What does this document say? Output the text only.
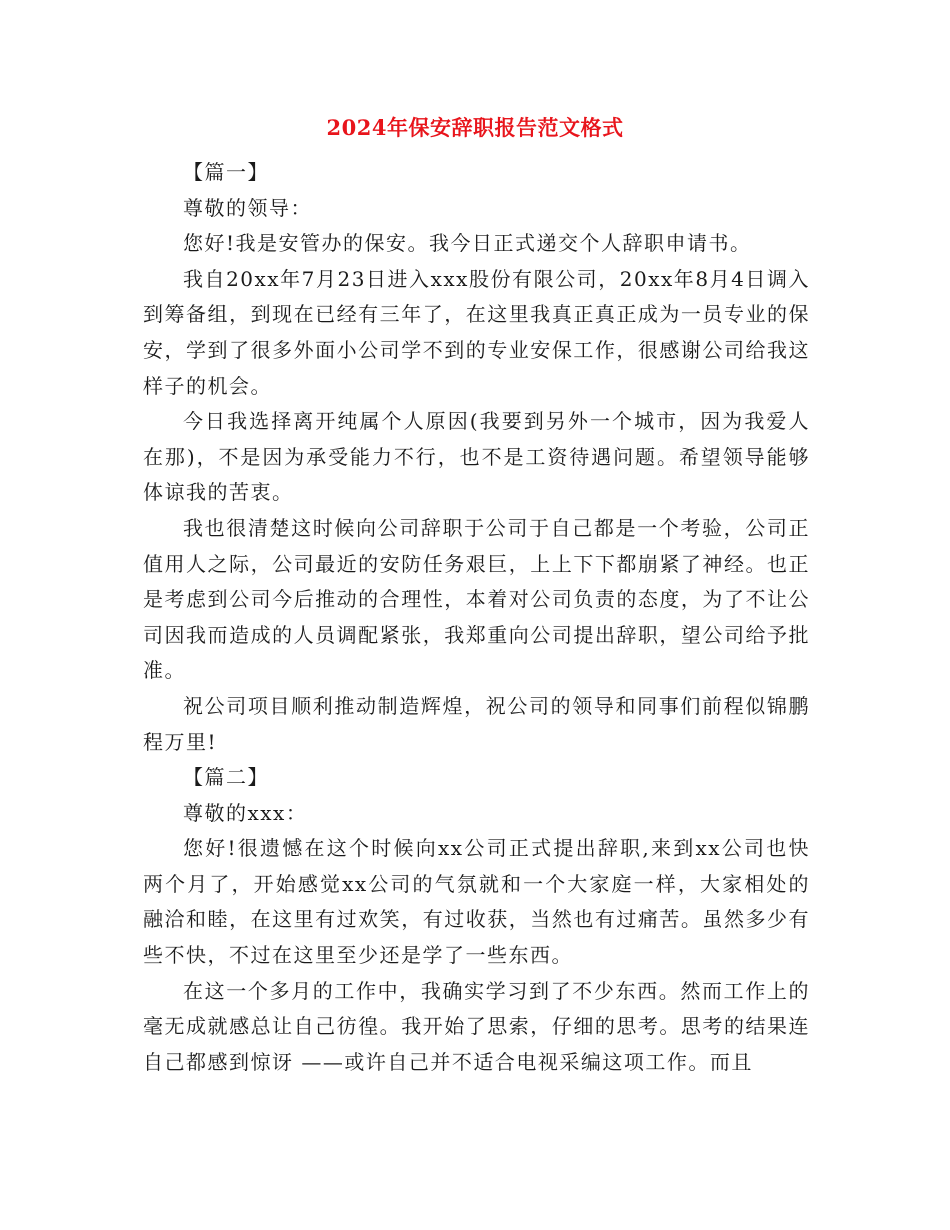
2024年保安辞职报告范文格式

【篇一】

尊敬的领导：

您好!我是安管办的保安。我今日正式递交个人辞职申请书。

我自20xx年7月23日进入xxx股份有限公司，20xx年8月4日调入到筹备组，到现在已经有三年了，在这里我真正真正成为一员专业的保安，学到了很多外面小公司学不到的专业安保工作，很感谢公司给我这样子的机会。

今日我选择离开纯属个人原因(我要到另外一个城市，因为我爱人在那)，不是因为承受能力不行，也不是工资待遇问题。希望领导能够体谅我的苦衷。

我也很清楚这时候向公司辞职于公司于自己都是一个考验，公司正值用人之际，公司最近的安防任务艰巨，上上下下都崩紧了神经。也正是考虑到公司今后推动的合理性，本着对公司负责的态度，为了不让公司因我而造成的人员调配紧张，我郑重向公司提出辞职，望公司给予批准。

祝公司项目顺利推动制造辉煌，祝公司的领导和同事们前程似锦鹏程万里!

【篇二】

尊敬的xxx：

您好!很遗憾在这个时候向xx公司正式提出辞职,来到xx公司也快两个月了，开始感觉xx公司的气氛就和一个大家庭一样，大家相处的融洽和睦，在这里有过欢笑，有过收获，当然也有过痛苦。虽然多少有些不快，不过在这里至少还是学了一些东西。

在这一个多月的工作中，我确实学习到了不少东西。然而工作上的毫无成就感总让自己彷徨。我开始了思索，仔细的思考。思考的结果连自己都感到惊讶 ——或许自己并不适合电视采编这项工作。而且
